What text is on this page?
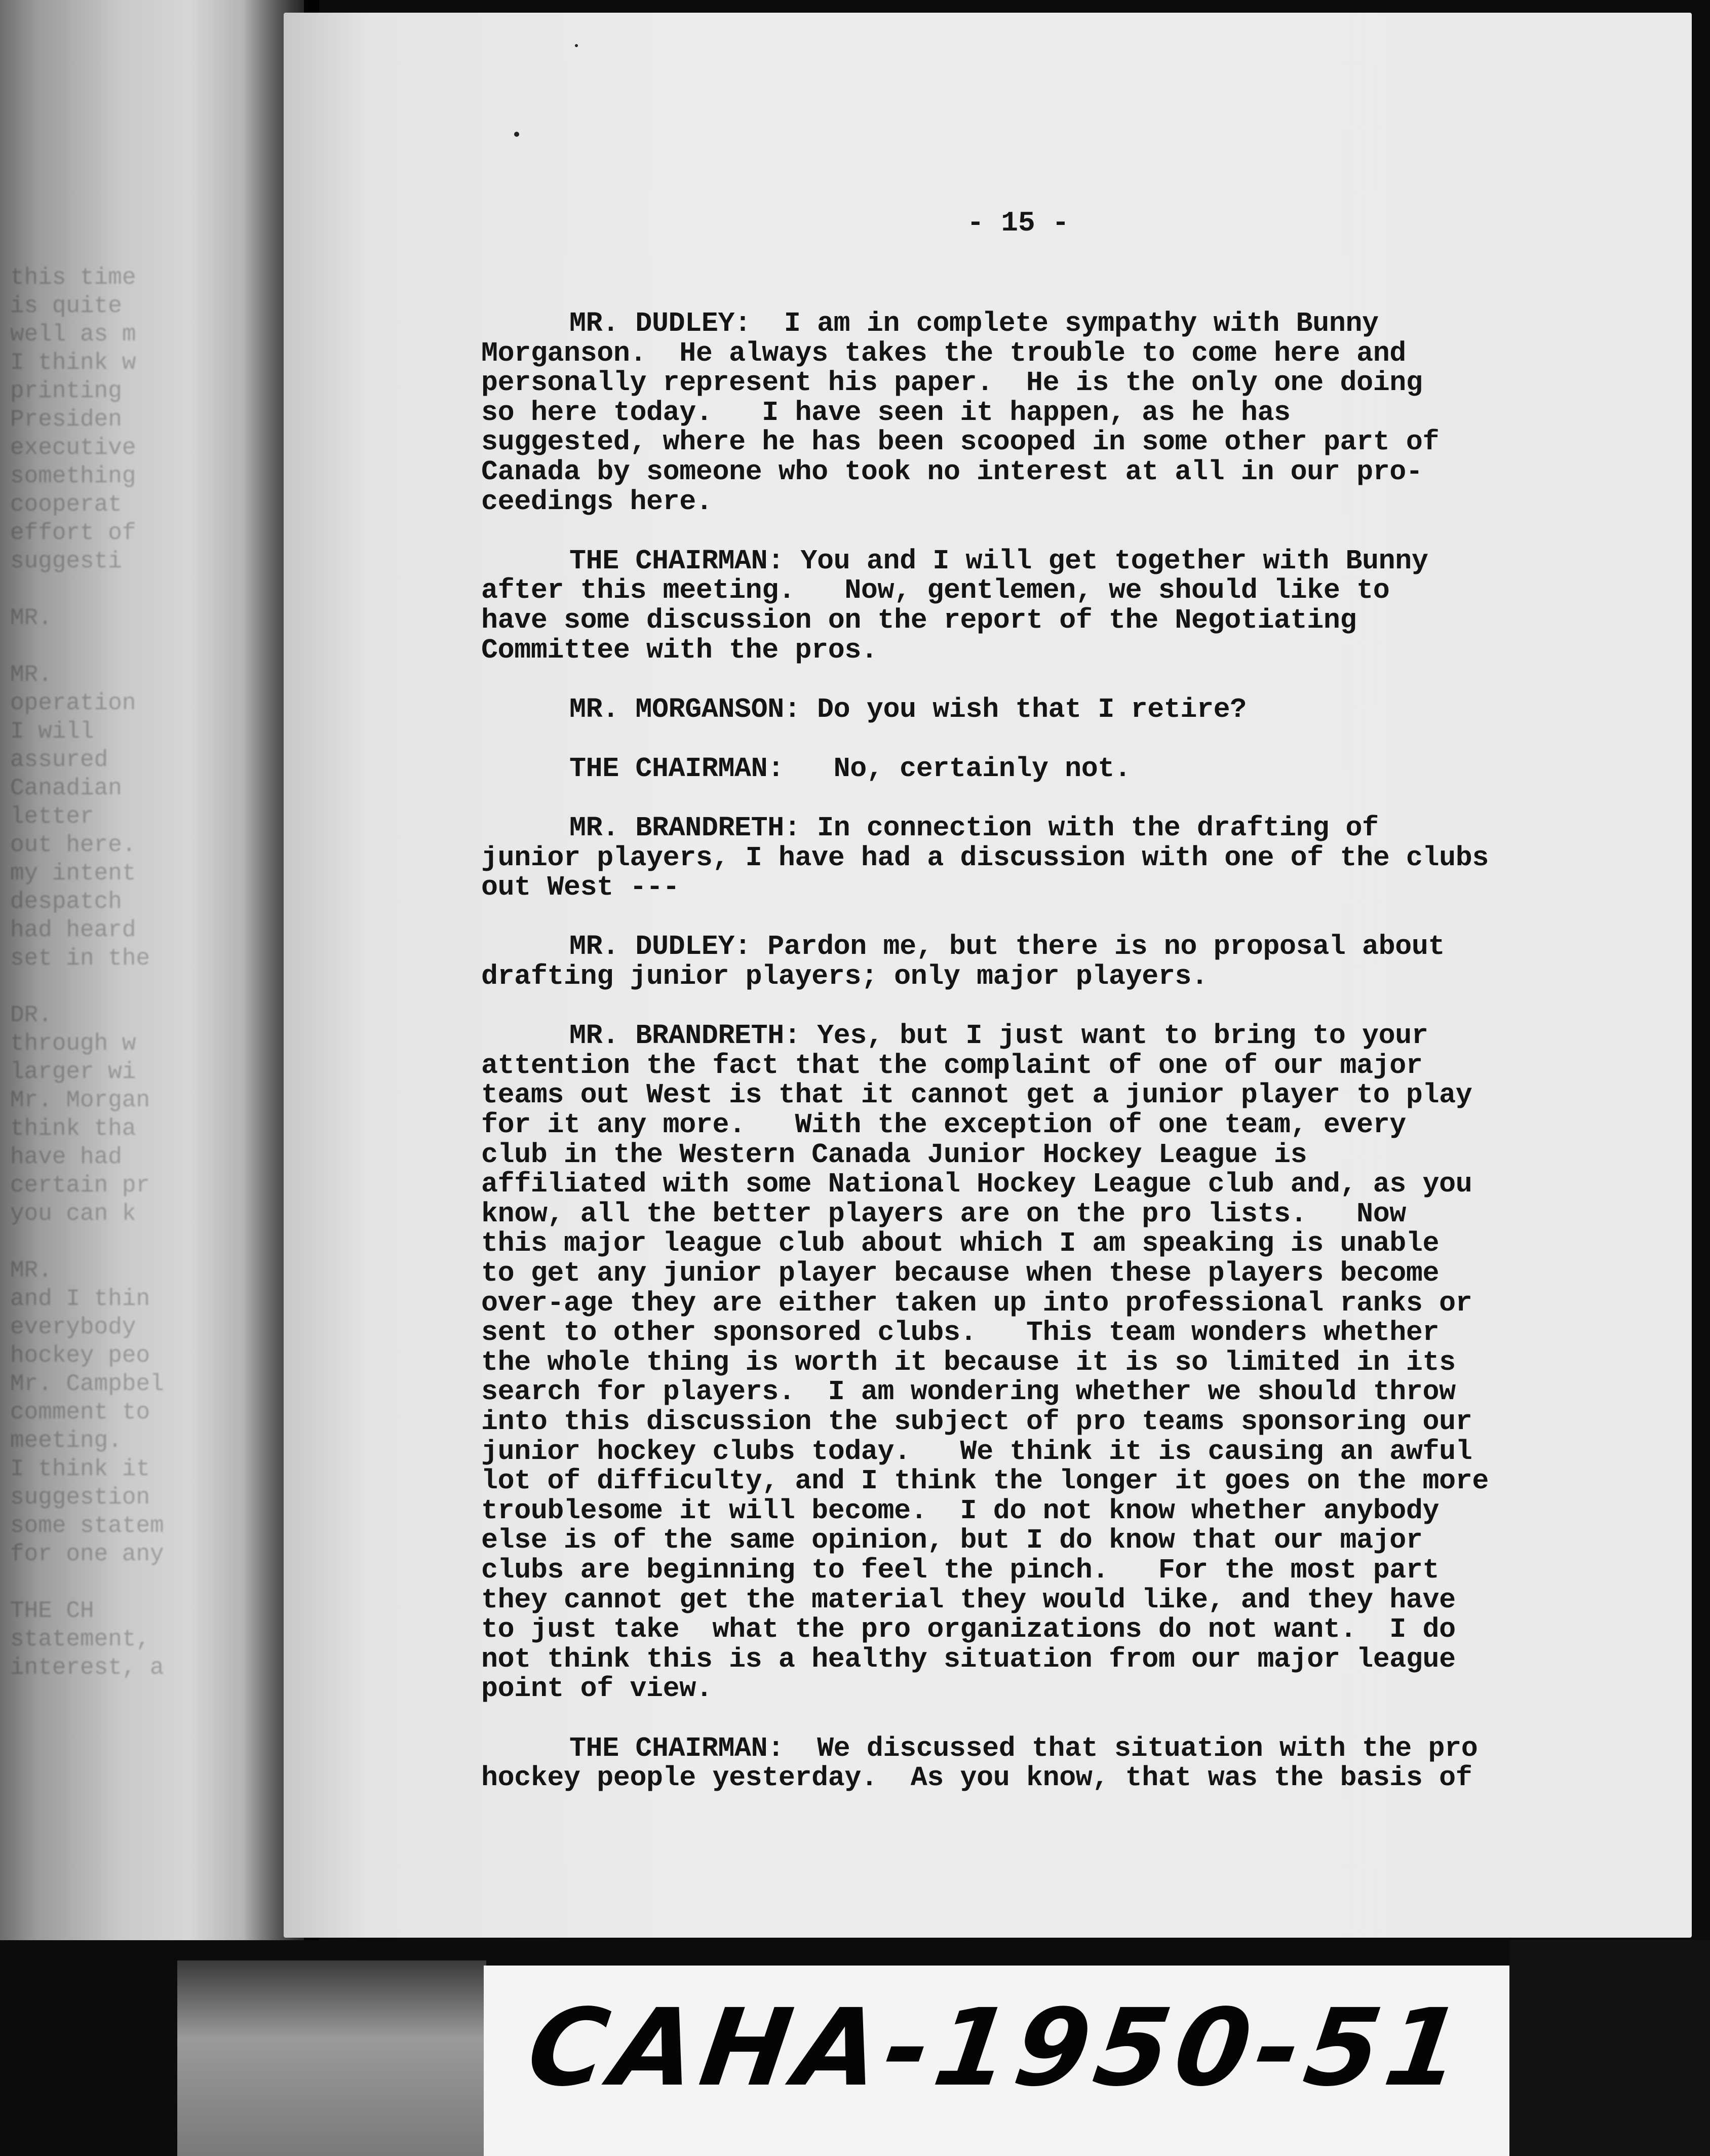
this time
is quite
well as m
I think w
printing
Presiden
executive
something
cooperat
effort of
suggesti

MR.

MR.
operation
I will
assured
Canadian
letter
out here.
my intent
despatch
had heard
set in the

DR.
through w
larger wi
Mr. Morgan
think tha
have had
certain pr
you can k

MR.
and I thin
everybody
hockey peo
Mr. Campbel
comment to
meeting.
I think it
suggestion
some statem
for one any

THE CH
statement,
interest, a
- 15 -
MR. DUDLEY:  I am in complete sympathy with Bunny
Morganson.  He always takes the trouble to come here and
personally represent his paper.  He is the only one doing
so here today.   I have seen it happen, as he has
suggested, where he has been scooped in some other part of
Canada by someone who took no interest at all in our pro-
ceedings here.
THE CHAIRMAN: You and I will get together with Bunny
after this meeting.   Now, gentlemen, we should like to
have some discussion on the report of the Negotiating
Committee with the pros.
MR. MORGANSON: Do you wish that I retire?
THE CHAIRMAN:   No, certainly not.
MR. BRANDRETH: In connection with the drafting of
junior players, I have had a discussion with one of the clubs
out West ---
MR. DUDLEY: Pardon me, but there is no proposal about
drafting junior players; only major players.
MR. BRANDRETH: Yes, but I just want to bring to your
attention the fact that the complaint of one of our major
teams out West is that it cannot get a junior player to play
for it any more.   With the exception of one team, every
club in the Western Canada Junior Hockey League is
affiliated with some National Hockey League club and, as you
know, all the better players are on the pro lists.   Now
this major league club about which I am speaking is unable
to get any junior player because when these players become
over-age they are either taken up into professional ranks or
sent to other sponsored clubs.   This team wonders whether
the whole thing is worth it because it is so limited in its
search for players.  I am wondering whether we should throw
into this discussion the subject of pro teams sponsoring our
junior hockey clubs today.   We think it is causing an awful
lot of difficulty, and I think the longer it goes on the more
troublesome it will become.  I do not know whether anybody
else is of the same opinion, but I do know that our major
clubs are beginning to feel the pinch.   For the most part
they cannot get the material they would like, and they have
to just take  what the pro organizations do not want.  I do
not think this is a healthy situation from our major league
point of view.
THE CHAIRMAN:  We discussed that situation with the pro
hockey people yesterday.  As you know, that was the basis of
CAHA-1950-51
